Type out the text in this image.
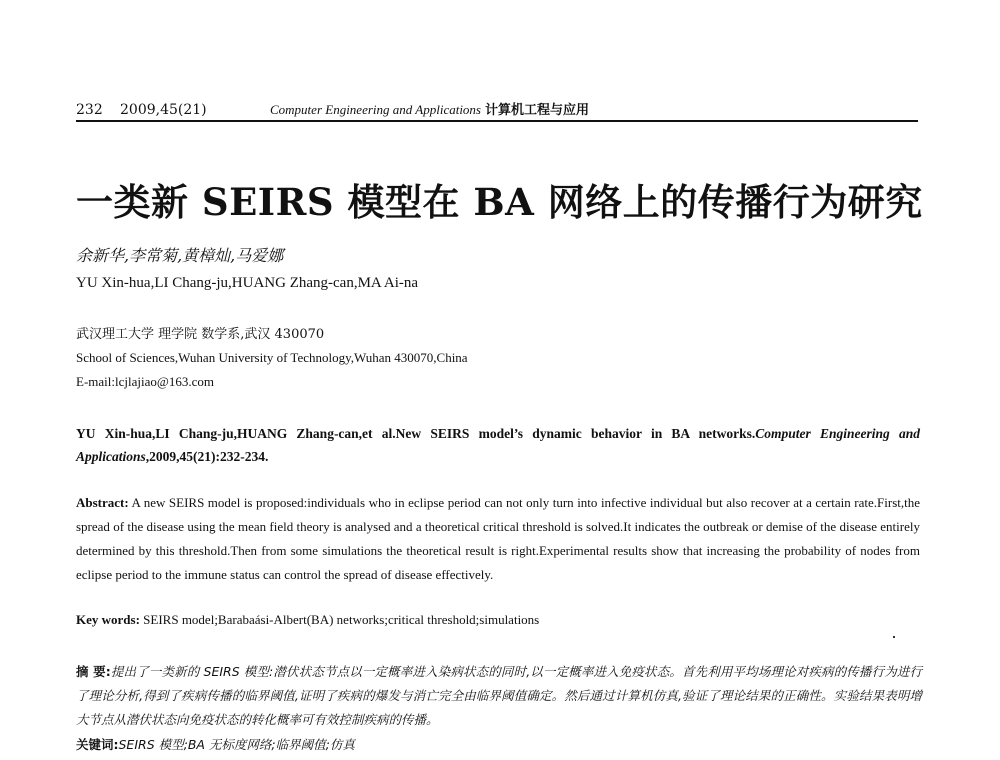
232	2009,45(21)	Computer Engineering and Applications 计算机工程与应用
一类新 SEIRS 模型在 BA 网络上的传播行为研究
余新华,李常菊,黄樟灿,马爱娜
YU Xin-hua,LI Chang-ju,HUANG Zhang-can,MA Ai-na
武汉理工大学 理学院 数学系,武汉 430070
School of Sciences,Wuhan University of Technology,Wuhan 430070,China
E-mail:lcjlajiao@163.com
YU Xin-hua,LI Chang-ju,HUANG Zhang-can,et al.New SEIRS model’s dynamic behavior in BA networks.Computer Engineering and Applications,2009,45(21):232-234.
Abstract: A new SEIRS model is proposed:individuals who in eclipse period can not only turn into infective individual but also recover at a certain rate.First,the spread of the disease using the mean field theory is analysed and a theoretical critical threshold is solved.It indicates the outbreak or demise of the disease entirely determined by this threshold.Then from some simulations the theoretical result is right.Experimental results show that increasing the probability of nodes from eclipse period to the immune status can control the spread of disease effectively.
Key words: SEIRS model;Barabaási-Albert(BA) networks;critical threshold;simulations
摘 要:提出了一类新的 SEIRS 模型:潜伏状态节点以一定概率进入染病状态的同时,以一定概率进入免疫状态。首先利用平均场理论对疾病的传播行为进行了理论分析,得到了疾病传播的临界阈值,证明了疾病的爆发与消亡完全由临界阈值确定。然后通过计算机仿真,验证了理论结果的正确性。实验结果表明增大节点从潜伏状态向免疫状态的转化概率可有效控制疾病的传播。
关键词:SEIRS 模型;BA 无标度网络;临界阈值;仿真
